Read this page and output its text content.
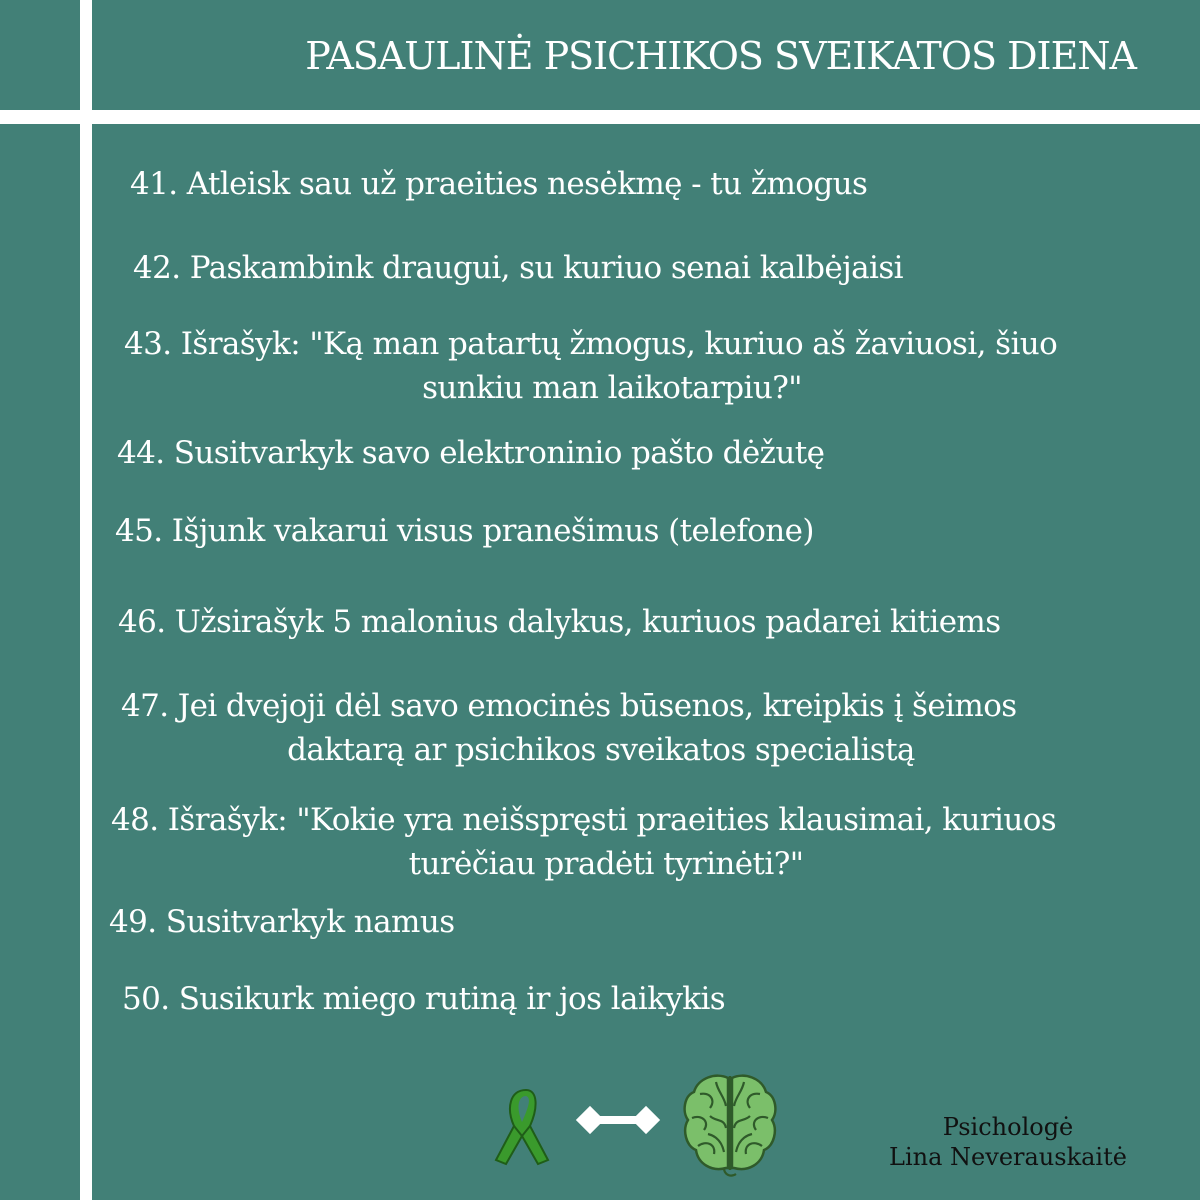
PASAULINĖ PSICHIKOS SVEIKATOS DIENA
41. Atleisk sau už praeities nesėkmę - tu žmogus
42. Paskambink draugui, su kuriuo senai kalbėjaisi
43. Išrašyk: "Ką man patartų žmogus, kuriuo aš žaviuosi, šiuo
sunkiu man laikotarpiu?"
44. Susitvarkyk savo elektroninio pašto dėžutę
45. Išjunk vakarui visus pranešimus (telefone)
46. Užsirašyk 5 malonius dalykus, kuriuos padarei kitiems
47. Jei dvejoji dėl savo emocinės būsenos, kreipkis į šeimos
daktarą ar psichikos sveikatos specialistą
48. Išrašyk: "Kokie yra neišspręsti praeities klausimai, kuriuos
turėčiau pradėti tyrinėti?"
49. Susitvarkyk namus
50. Susikurk miego rutiną ir jos laikykis
Psichologė
Lina Neverauskaitė
